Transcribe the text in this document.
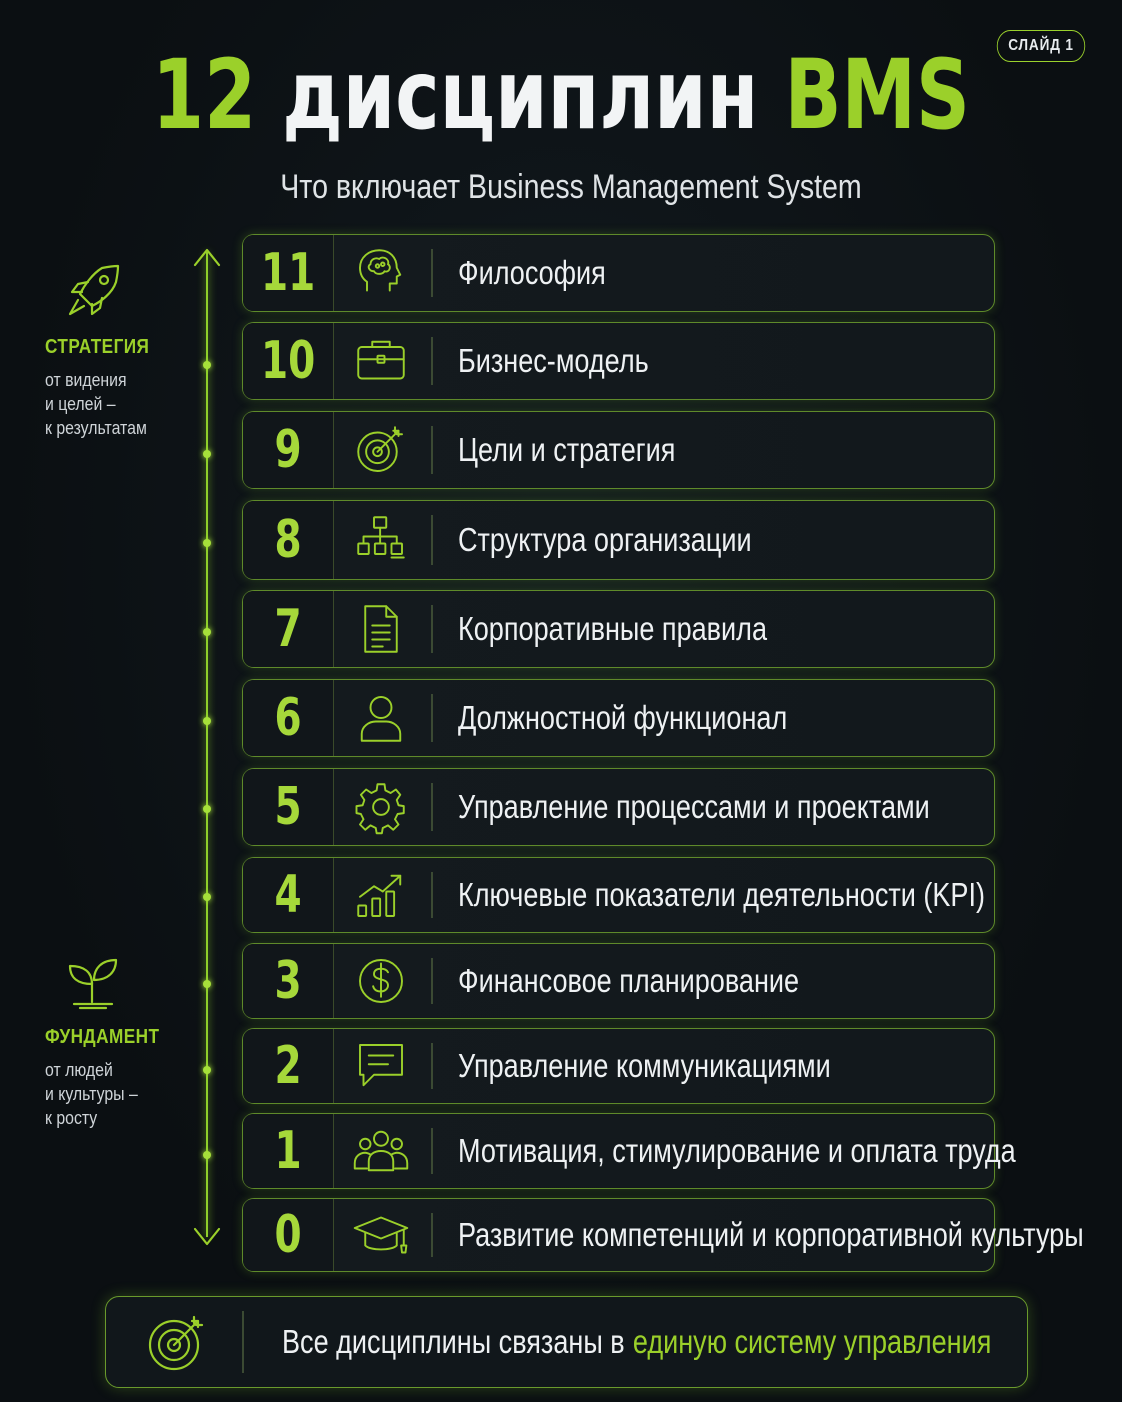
СЛАЙД 1
12 дисциплин BMS
Что включает Business Management System
СТРАТЕГИЯ
от видения
и целей –
к результатам
ФУНДАМЕНТ
от людей
и культуры –
к росту
11	Философия
10	Бизнес-модель
9	Цели и стратегия
8	Структура организации
7	Корпоративные правила
6	Должностной функционал
5	Управление процессами и проектами
4	Ключевые показатели деятельности (KPI)
3	Финансовое планирование
2	Управление коммуникациями
1	Мотивация, стимулирование и оплата труда
0	Развитие компетенций и корпоративной культуры
Все дисциплины связаны в единую систему управления
